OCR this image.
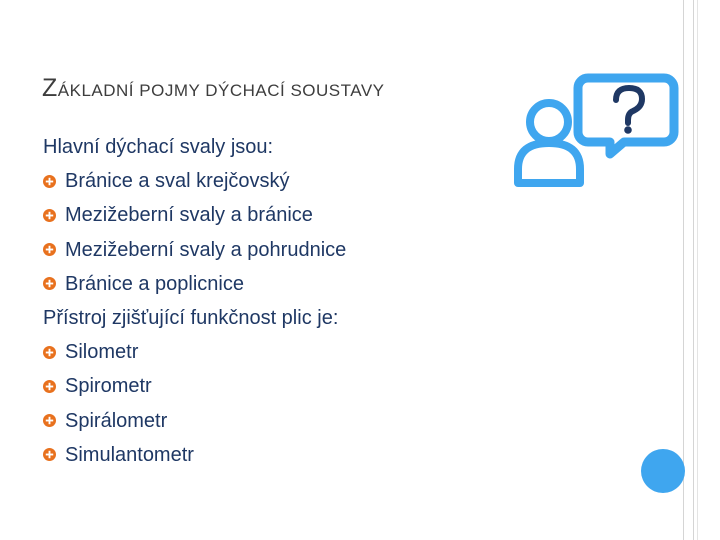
ZÁKLADNÍ POJMY DÝCHACÍ SOUSTAVY
Hlavní dýchací svaly jsou:
Bránice a sval krejčovský
Mezižeberní svaly a bránice
Mezižeberní svaly a pohrudnice
Bránice a poplicnice
Přístroj zjišťující funkčnost plic je:
Silometr
Spirometr
Spirálometr
Simulantometr
